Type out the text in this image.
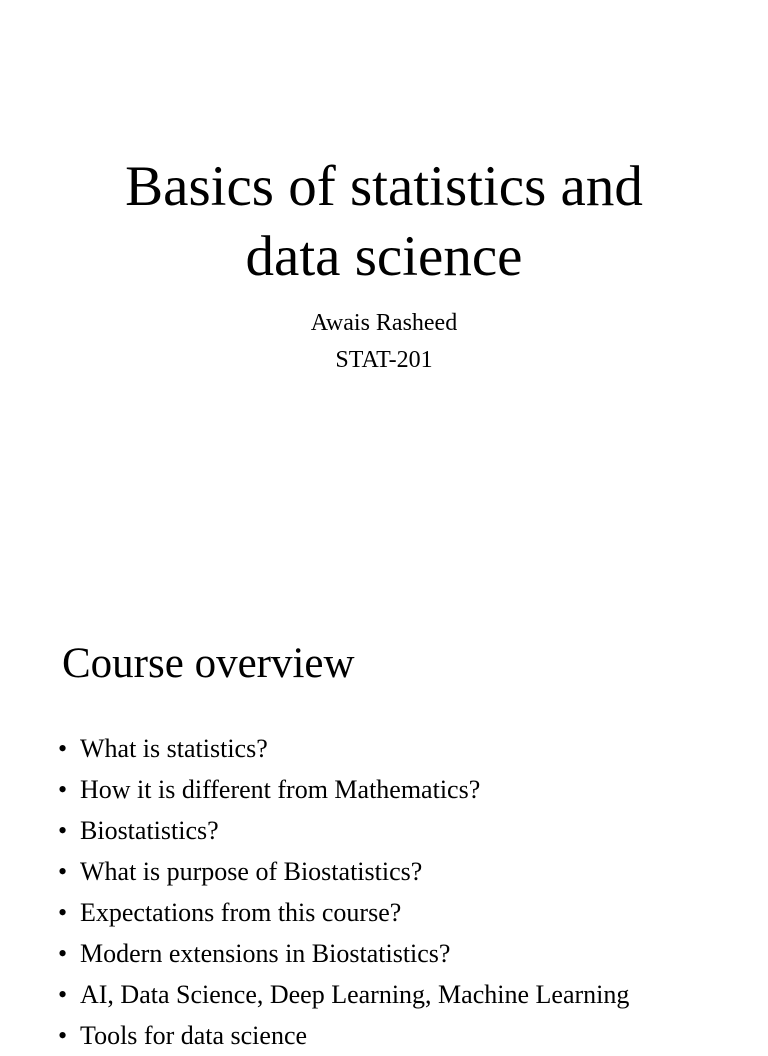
Basics of statistics and
data science
Awais Rasheed
STAT-201
Course overview
• What is statistics?
• How it is different from Mathematics?
• Biostatistics?
• What is purpose of Biostatistics?
• Expectations from this course?
• Modern extensions in Biostatistics?
• AI, Data Science, Deep Learning, Machine Learning
• Tools for data science
